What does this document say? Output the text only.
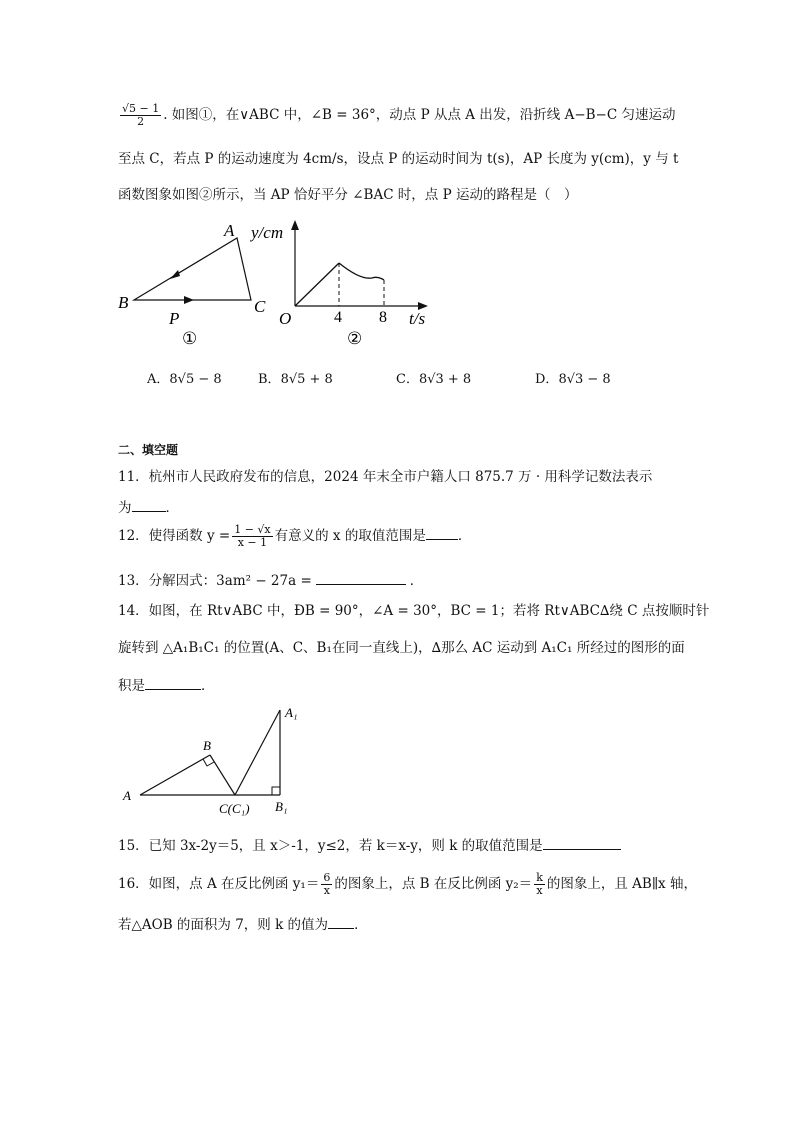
$\frac{√5 - 1}{2}$ . 如图①，在∨ABC 中，∠B = 36°，动点 P 从点 A 出发，沿折线 A−B−C 匀速运动
至点 C，若点 P 的运动速度为 4cm/s，设点 P 的运动时间为 t(s)，AP 长度为 y(cm)，y 与 t
函数图象如图②所示，当 AP 恰好平分 ∠BAC 时，点 P 运动的路程是（　）
A
B	C
P
①
y/cm
t/s
O	4 8
②
A．8√5 − 8	B．8√5 + 8	C．8√3 + 8	D．8√3 − 8
二、填空题
11．杭州市人民政府发布的信息，2024 年末全市户籍人口 875.7 万 · 用科学记数法表示
为	．
12．使得函数 $y = \frac{1 - √x}{x - 1}$ 有意义的 x 的取值范围是 ．
13．分解因式：3am² − 27a =	．
14．如图，在 Rt∨ABC 中，ÐB = 90°，∠A = 30°，BC = 1；若将 Rt∨ABC∆绕 C 点按顺时针
旋转到 △A₁B₁C₁ 的位置(A、C、B₁在同一直线上)，∆那么 AC 运动到 A₁C₁ 所经过的图形的面
积是	．
A
B
C(C₁)
A₁
B₁
15．已知 3x-2y＝5，且 x＞-1，y≤2，若 k＝x-y，则 k 的取值范围是
16．如图，点 A 在反比例函 $y_1= \frac{6}{x}$ 的图象上，点 B 在反比例函 $y_2= \frac{k}{x}$ 的图象上，且 AB∥x 轴，
若△AOB 的面积为 7，则 k 的值为 ．
